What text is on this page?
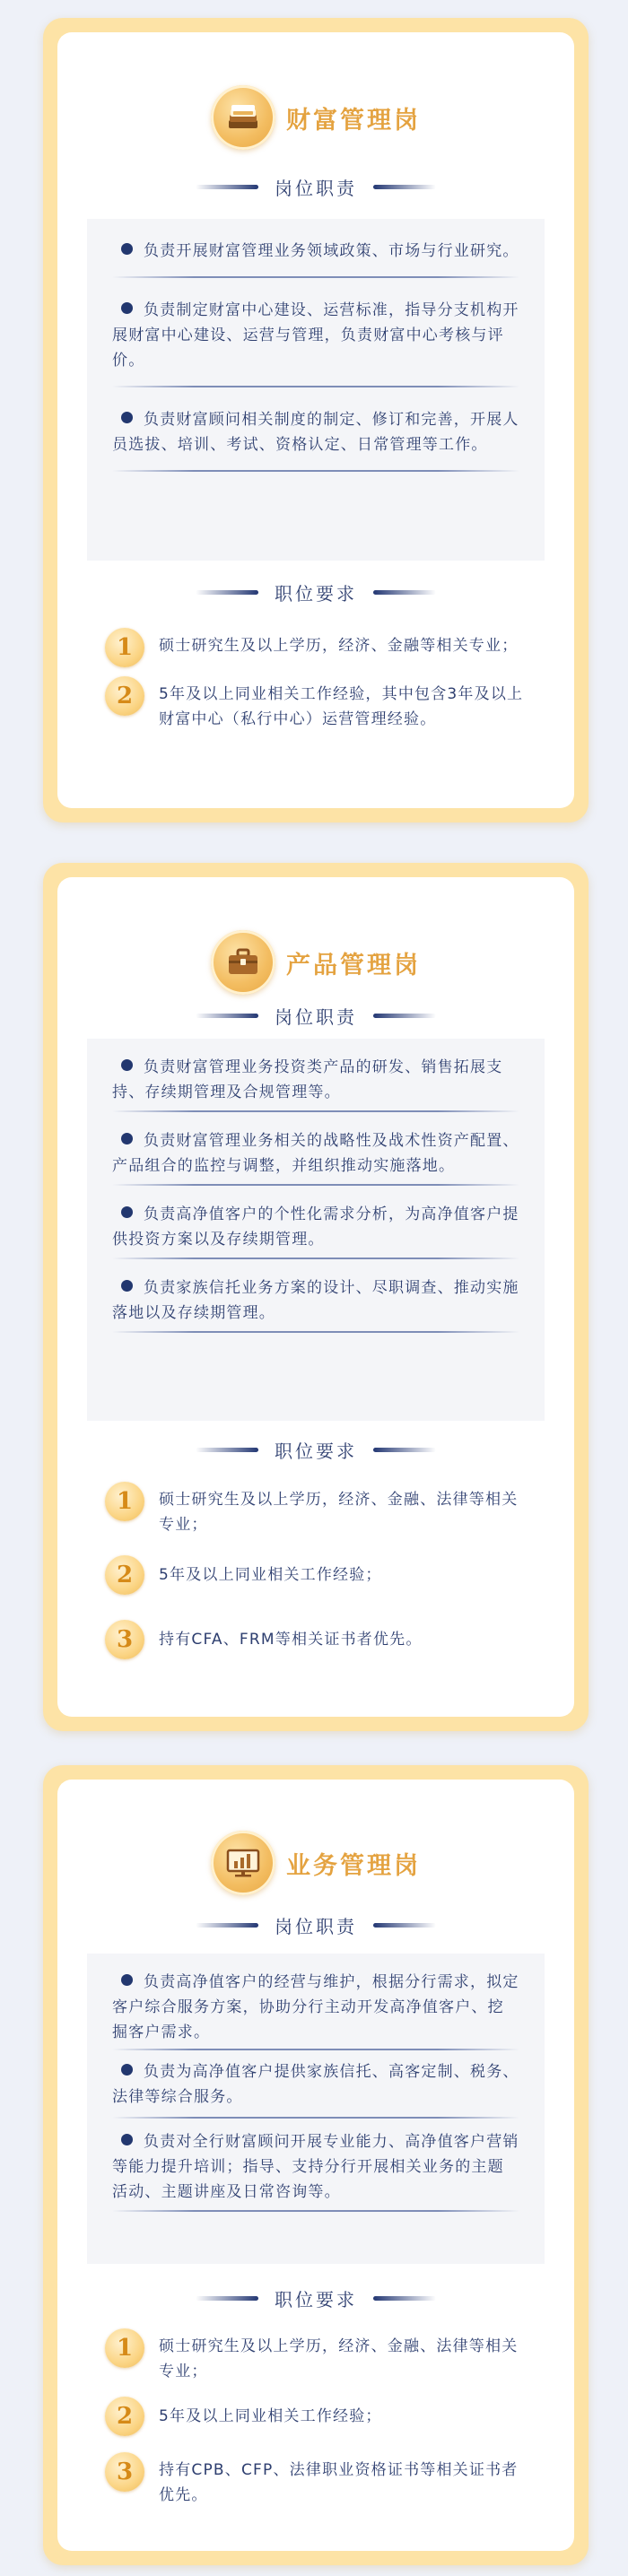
财富管理岗
岗位职责
负责开展财富管理业务领域政策、市场与行业研究。
负责制定财富中心建设、运营标准，指导分支机构开展财富中心建设、运营与管理，负责财富中心考核与评价。
负责财富顾问相关制度的制定、修订和完善，开展人员选拔、培训、考试、资格认定、日常管理等工作。
职位要求
1	硕士研究生及以上学历，经济、金融等相关专业；
2	5年及以上同业相关工作经验，其中包含3年及以上财富中心（私行中心）运营管理经验。
产品管理岗
岗位职责
负责财富管理业务投资类产品的研发、销售拓展支持、存续期管理及合规管理等。
负责财富管理业务相关的战略性及战术性资产配置、产品组合的监控与调整，并组织推动实施落地。
负责高净值客户的个性化需求分析，为高净值客户提供投资方案以及存续期管理。
负责家族信托业务方案的设计、尽职调查、推动实施落地以及存续期管理。
职位要求
1	硕士研究生及以上学历，经济、金融、法律等相关专业；
2	5年及以上同业相关工作经验；
3	持有CFA、FRM等相关证书者优先。
业务管理岗
岗位职责
负责高净值客户的经营与维护，根据分行需求，拟定客户综合服务方案，协助分行主动开发高净值客户、挖掘客户需求。
负责为高净值客户提供家族信托、高客定制、税务、法律等综合服务。
负责对全行财富顾问开展专业能力、高净值客户营销等能力提升培训；指导、支持分行开展相关业务的主题活动、主题讲座及日常咨询等。
职位要求
1	硕士研究生及以上学历，经济、金融、法律等相关专业；
2	5年及以上同业相关工作经验；
3	持有CPB、CFP、法律职业资格证书等相关证书者优先。
